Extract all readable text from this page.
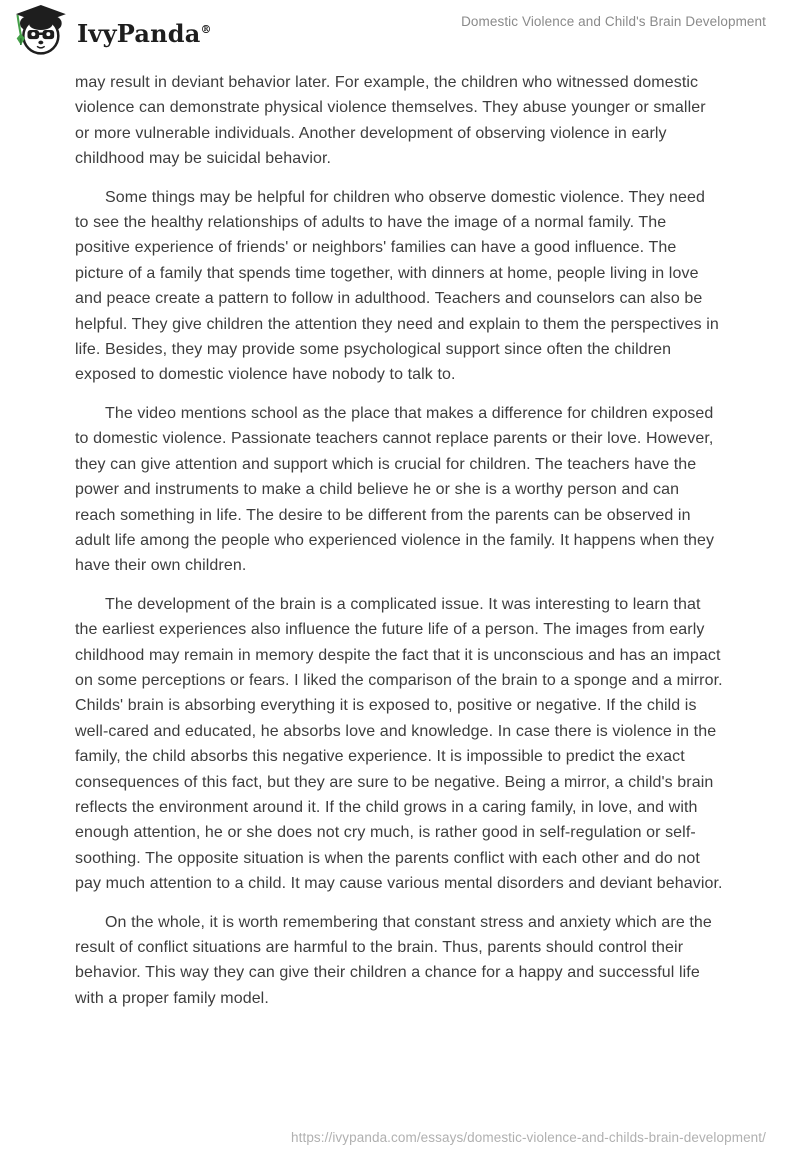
IvyPanda®
Domestic Violence and Child's Brain Development

may result in deviant behavior later. For example, the children who witnessed domestic violence can demonstrate physical violence themselves. They abuse younger or smaller or more vulnerable individuals. Another development of observing violence in early childhood may be suicidal behavior.

Some things may be helpful for children who observe domestic violence. They need to see the healthy relationships of adults to have the image of a normal family. The positive experience of friends' or neighbors' families can have a good influence. The picture of a family that spends time together, with dinners at home, people living in love and peace create a pattern to follow in adulthood. Teachers and counselors can also be helpful. They give children the attention they need and explain to them the perspectives in life. Besides, they may provide some psychological support since often the children exposed to domestic violence have nobody to talk to.

The video mentions school as the place that makes a difference for children exposed to domestic violence. Passionate teachers cannot replace parents or their love. However, they can give attention and support which is crucial for children. The teachers have the power and instruments to make a child believe he or she is a worthy person and can reach something in life. The desire to be different from the parents can be observed in adult life among the people who experienced violence in the family. It happens when they have their own children.

The development of the brain is a complicated issue. It was interesting to learn that the earliest experiences also influence the future life of a person. The images from early childhood may remain in memory despite the fact that it is unconscious and has an impact on some perceptions or fears. I liked the comparison of the brain to a sponge and a mirror. Childs' brain is absorbing everything it is exposed to, positive or negative. If the child is well-cared and educated, he absorbs love and knowledge. In case there is violence in the family, the child absorbs this negative experience. It is impossible to predict the exact consequences of this fact, but they are sure to be negative. Being a mirror, a child's brain reflects the environment around it. If the child grows in a caring family, in love, and with enough attention, he or she does not cry much, is rather good in self-regulation or self-soothing. The opposite situation is when the parents conflict with each other and do not pay much attention to a child. It may cause various mental disorders and deviant behavior.

On the whole, it is worth remembering that constant stress and anxiety which are the result of conflict situations are harmful to the brain. Thus, parents should control their behavior. This way they can give their children a chance for a happy and successful life with a proper family model.

https://ivypanda.com/essays/domestic-violence-and-childs-brain-development/
